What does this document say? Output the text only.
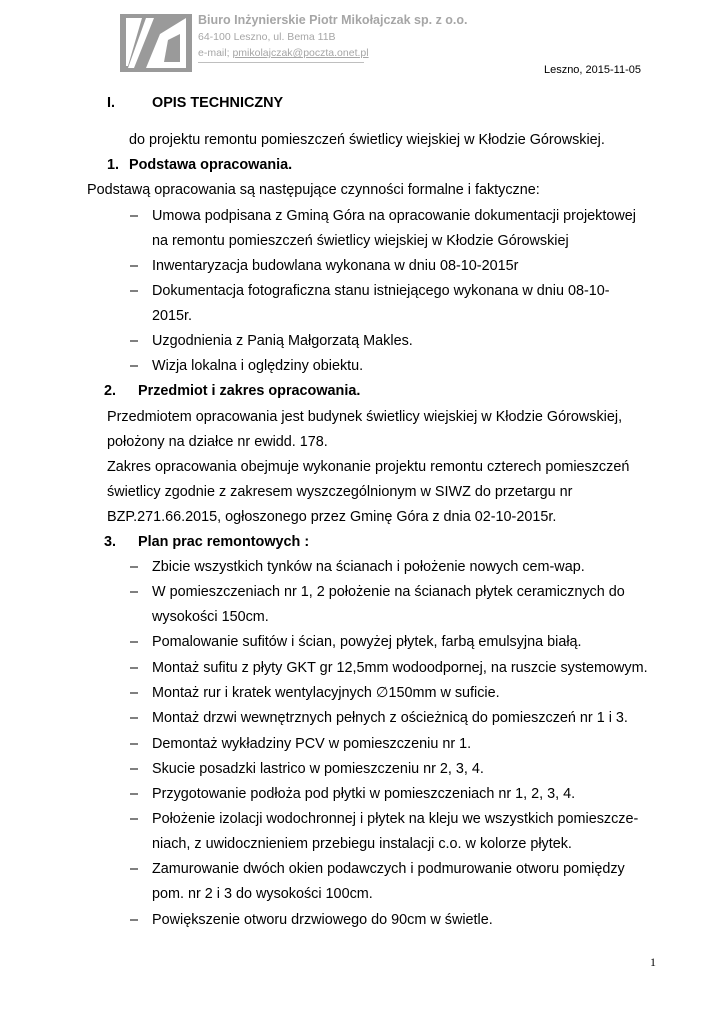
Biuro Inżynierskie Piotr Mikołajczak sp. z o.o.
64-100 Leszno, ul. Bema 11B
e-mail; pmikolajczak@poczta.onet.pl
Leszno, 2015-11-05
I.	OPIS TECHNICZNY
do projektu remontu pomieszczeń świetlicy wiejskiej w Kłodzie Górowskiej.
1. Podstawa opracowania.
Podstawą opracowania są następujące czynności formalne i faktyczne:
– Umowa podpisana z Gminą Góra na opracowanie dokumentacji projektowej
na remontu pomieszczeń świetlicy wiejskiej w Kłodzie Górowskiej
– Inwentaryzacja budowlana wykonana w dniu 08-10-2015r
– Dokumentacja fotograficzna stanu istniejącego wykonana w dniu 08-10-
2015r.
– Uzgodnienia z Panią Małgorzatą Makles.
– Wizja lokalna i oględziny obiektu.
2. Przedmiot i zakres opracowania.
Przedmiotem opracowania jest budynek świetlicy wiejskiej w Kłodzie Górowskiej,
położony na działce nr ewidd. 178.
Zakres opracowania obejmuje wykonanie projektu remontu czterech pomieszczeń
świetlicy zgodnie z zakresem wyszczególnionym w SIWZ do przetargu nr
BZP.271.66.2015, ogłoszonego przez Gminę Góra z dnia 02-10-2015r.
3. Plan prac remontowych :
– Zbicie wszystkich tynków na ścianach i położenie nowych cem-wap.
– W pomieszczeniach nr 1, 2 położenie na ścianach płytek ceramicznych do
wysokości 150cm.
– Pomalowanie sufitów i ścian, powyżej płytek, farbą emulsyjna białą.
– Montaż sufitu z płyty GKT gr 12,5mm wodoodpornej, na ruszcie systemowym.
– Montaż rur i kratek wentylacyjnych ∅150mm w suficie.
– Montaż drzwi wewnętrznych pełnych z ościeżnicą do pomieszczeń nr 1 i 3.
– Demontaż wykładziny PCV w pomieszczeniu nr 1.
– Skucie posadzki lastrico w pomieszczeniu nr 2, 3, 4.
– Przygotowanie podłoża pod płytki w pomieszczeniach nr 1, 2, 3, 4.
– Położenie izolacji wodochronnej i płytek na kleju we wszystkich pomieszcze-
niach, z uwidocznieniem przebiegu instalacji c.o. w kolorze płytek.
– Zamurowanie dwóch okien podawczych i podmurowanie otworu pomiędzy
pom. nr 2 i 3 do wysokości 100cm.
– Powiększenie otworu drzwiowego do 90cm w świetle.
1
